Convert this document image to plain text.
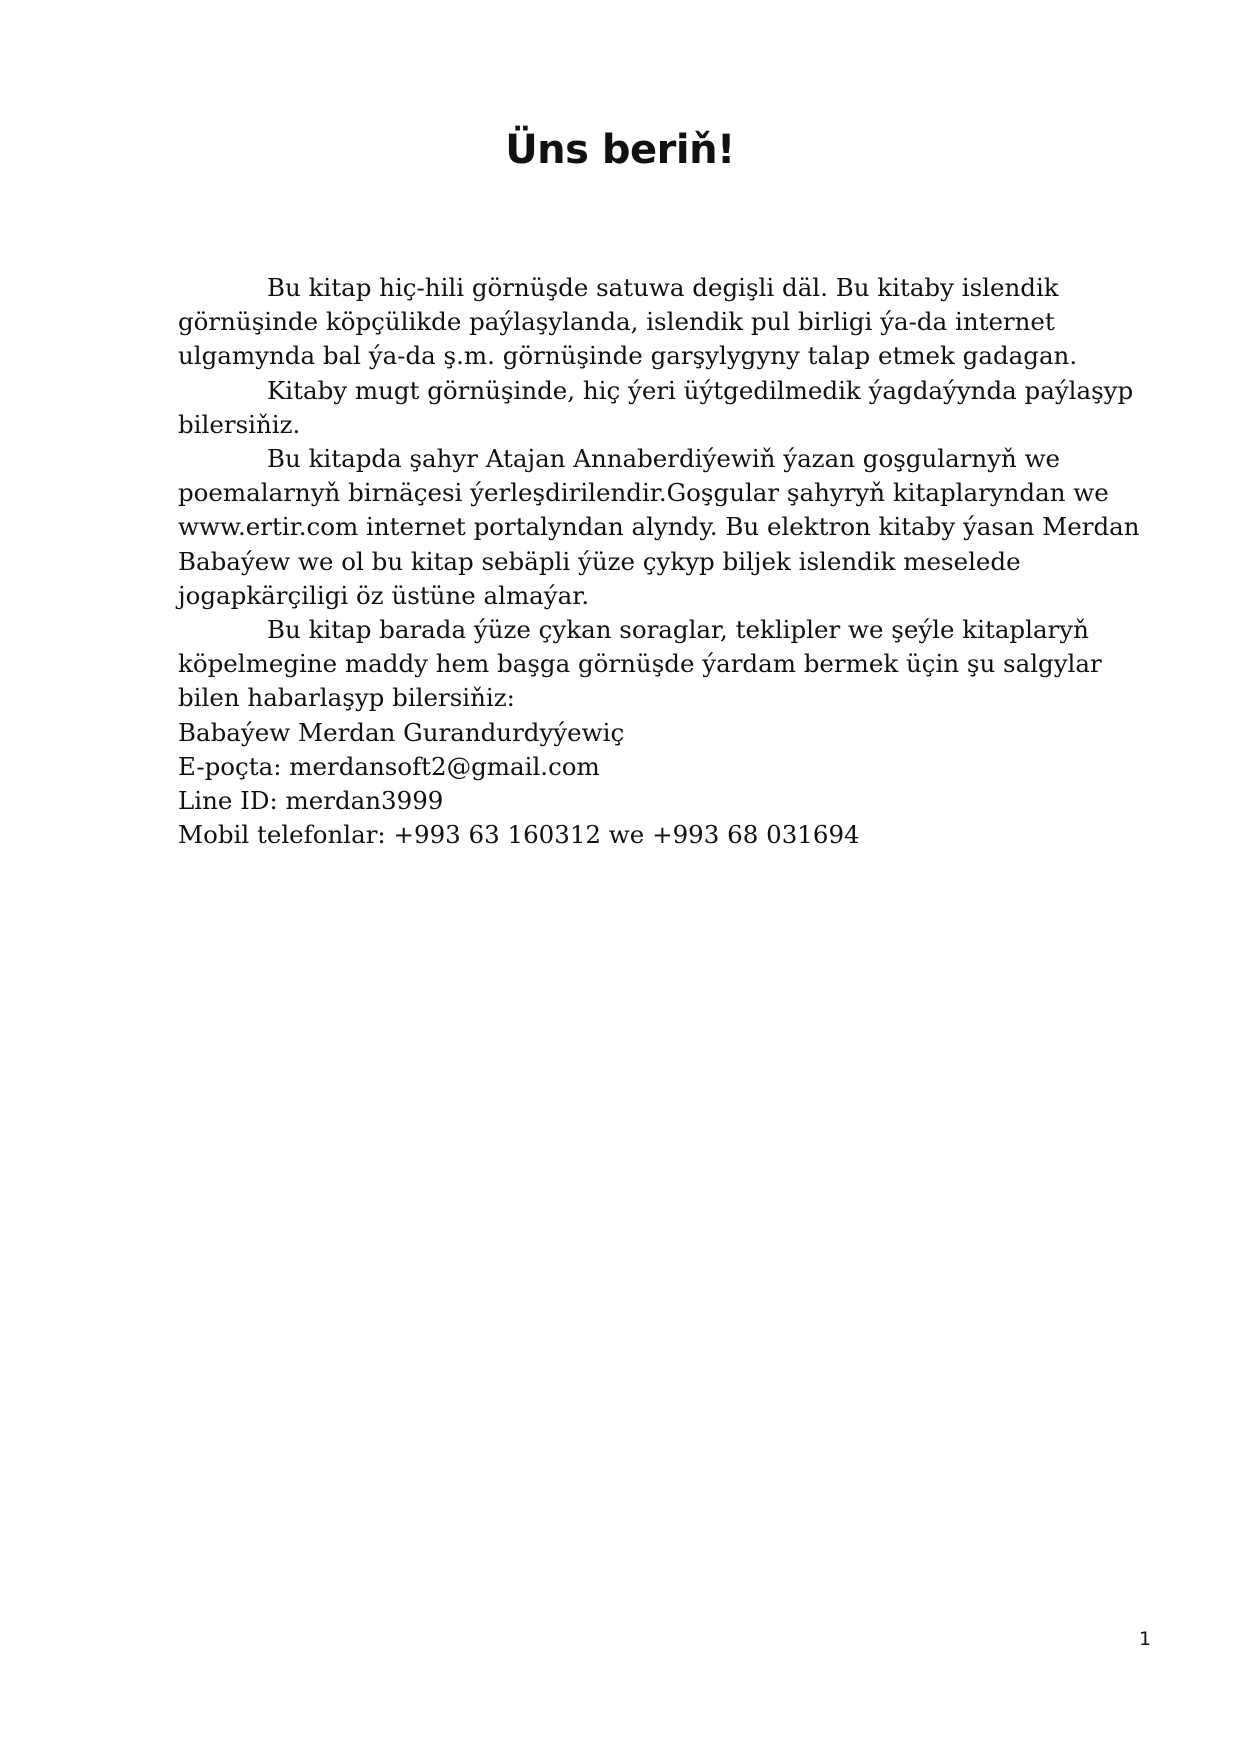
Üns beriň!

Bu kitap hiç-hili görnüşde satuwa degişli däl. Bu kitaby islendik
görnüşinde köpçülikde paýlaşylanda, islendik pul birligi ýa-da internet
ulgamynda bal ýa-da ş.m. görnüşinde garşylygyny talap etmek gadagan.

Kitaby mugt görnüşinde, hiç ýeri üýtgedilmedik ýagdaýynda paýlaşyp
bilersiňiz.

Bu kitapda şahyr Atajan Annaberdiýewiň ýazan goşgularnyň we
poemalarnyň birnäçesi ýerleşdirilendir.Goşgular şahyryň kitaplaryndan we
www.ertir.com internet portalyndan alyndy. Bu elektron kitaby ýasan Merdan
Babaýew we ol bu kitap sebäpli ýüze çykyp biljek islendik meselede
jogapkärçiligi öz üstüne almaýar.

Bu kitap barada ýüze çykan soraglar, teklipler we şeýle kitaplaryň
köpelmegine maddy hem başga görnüşde ýardam bermek üçin şu salgylar
bilen habarlaşyp bilersiňiz:

Babaýew Merdan Gurandurdyýewiç
E-poçta: merdansoft2@gmail.com
Line ID: merdan3999
Mobil telefonlar: +993 63 160312 we +993 68 031694
1
